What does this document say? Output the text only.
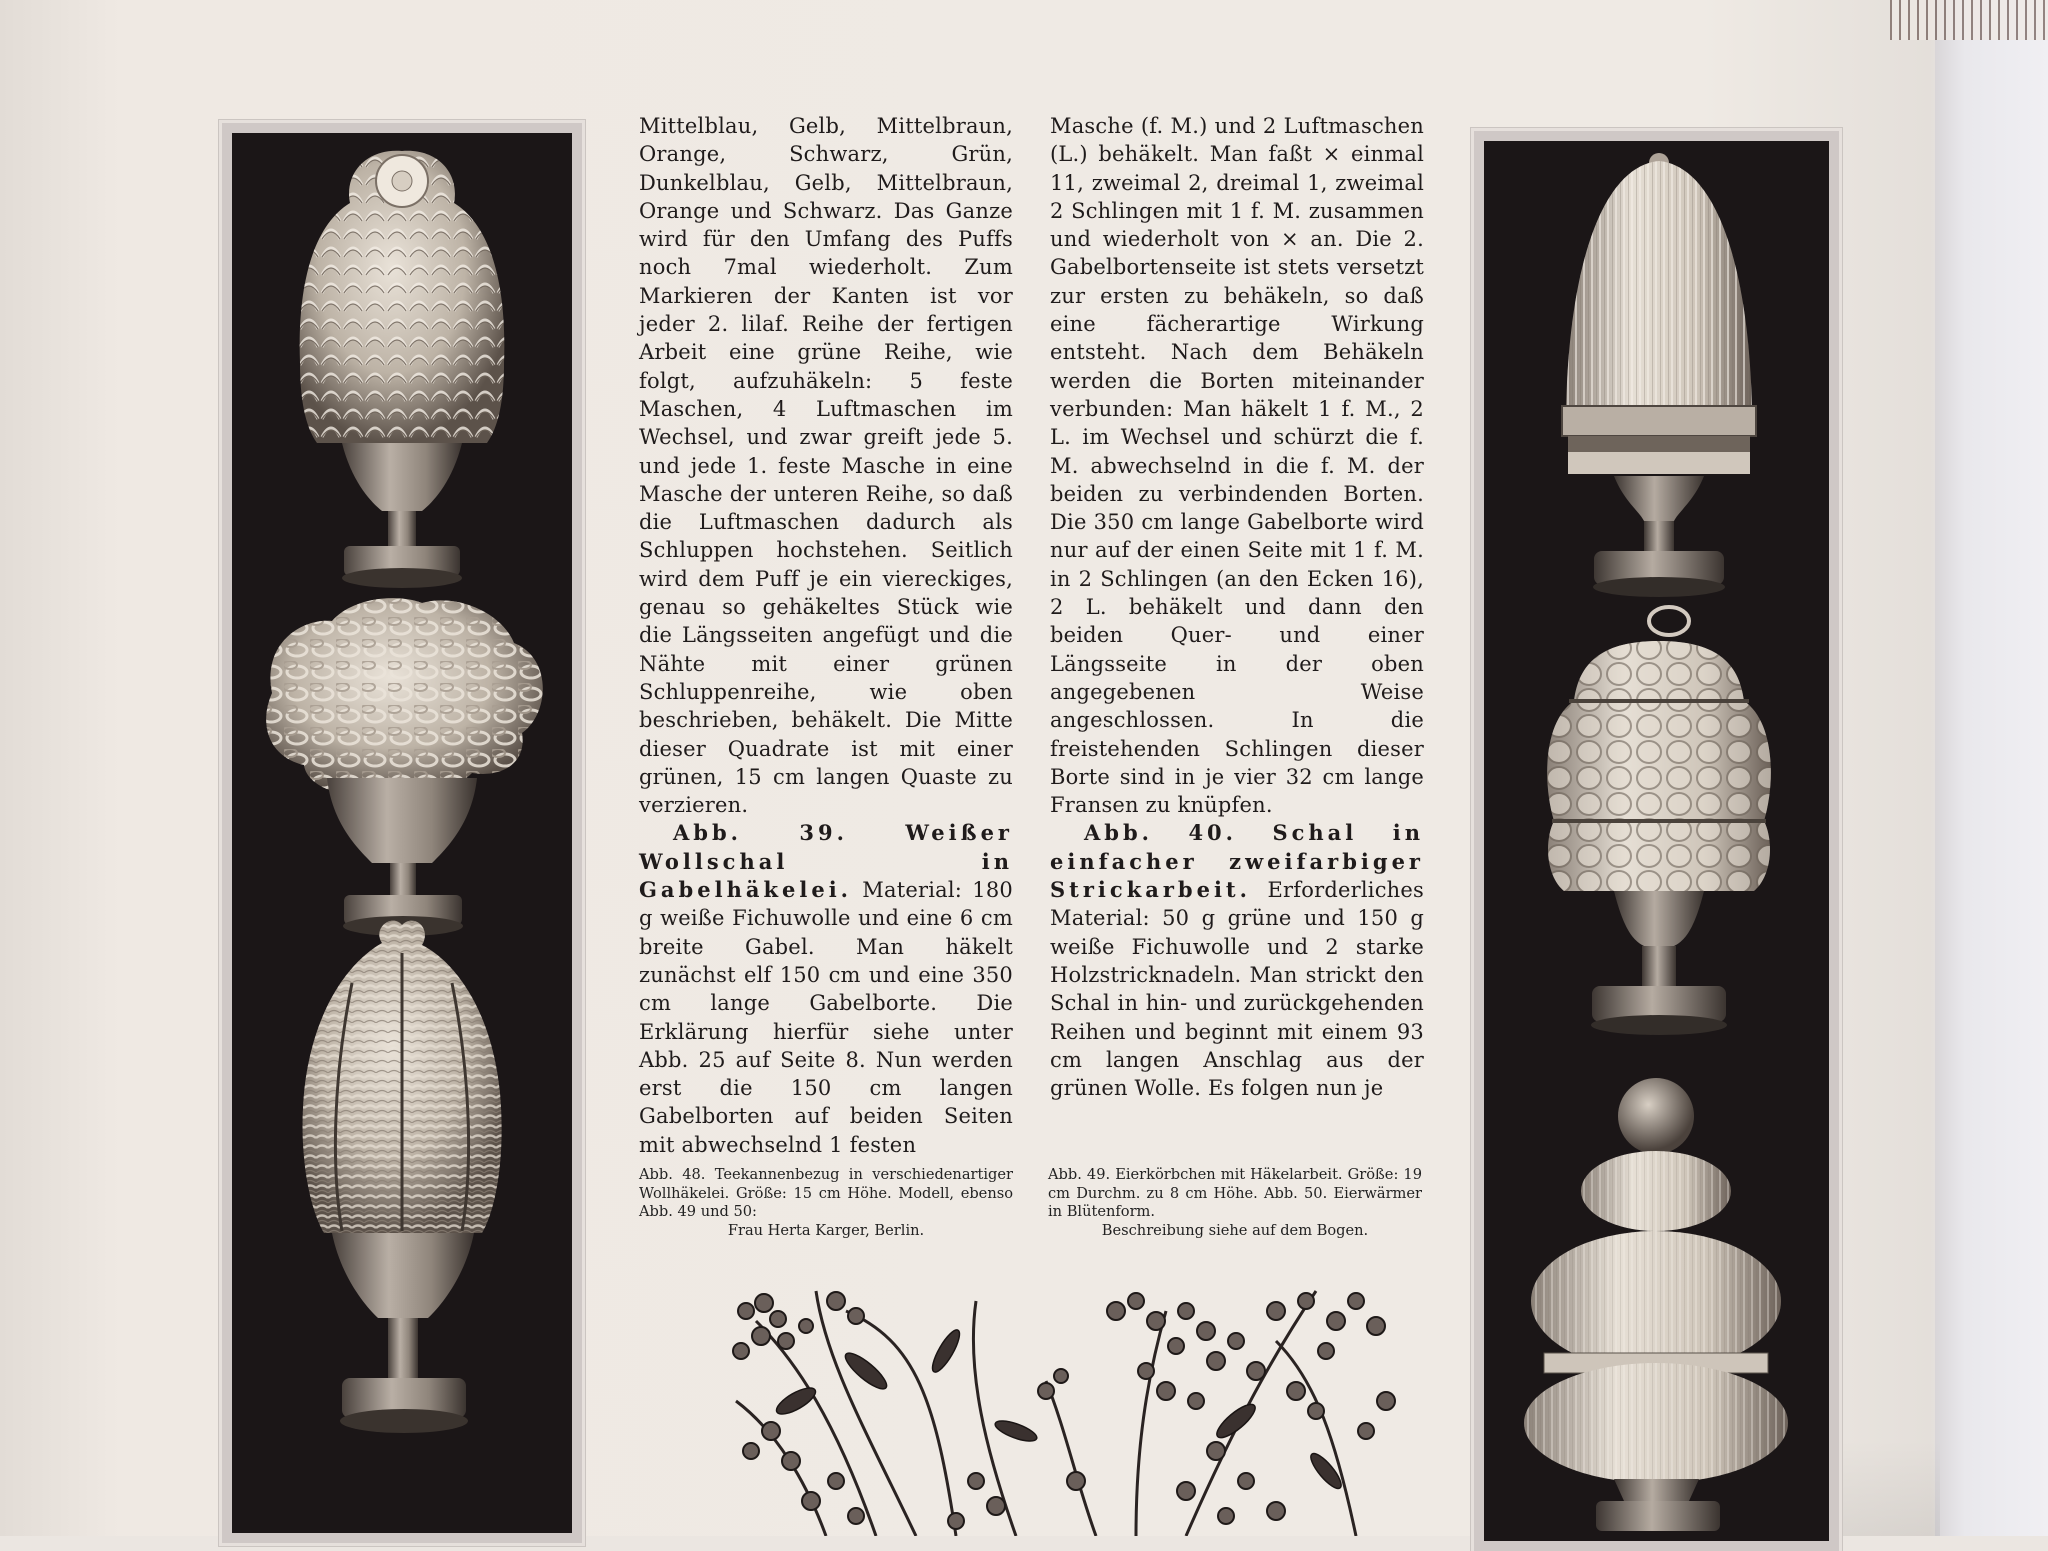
Mittelblau, Gelb, Mittelbraun, Orange, Schwarz, Grün, Dunkelblau, Gelb, Mittelbraun, Orange und Schwarz. Das Ganze wird für den Umfang des Puffs noch 7mal wiederholt. Zum Markieren der Kanten ist vor jeder 2. lilaf. Reihe der fertigen Arbeit eine grüne Reihe, wie folgt, aufzuhäkeln: 5 feste Maschen, 4 Luftmaschen im Wechsel, und zwar greift jede 5. und jede 1. feste Masche in eine Masche der unteren Reihe, so daß die Luftmaschen dadurch als Schluppen hochstehen. Seitlich wird dem Puff je ein viereckiges, genau so gehäkeltes Stück wie die Längsseiten angefügt und die Nähte mit einer grünen Schluppenreihe, wie oben beschrieben, behäkelt. Die Mitte dieser Quadrate ist mit einer grünen, 15 cm langen Quaste zu verzieren.

Abb. 39. Weißer Wollschal in Gabelhäkelei. Material: 180 g weiße Fichuwolle und eine 6 cm breite Gabel. Man häkelt zunächst elf 150 cm und eine 350 cm lange Gabelborte. Die Erklärung hierfür siehe unter Abb. 25 auf Seite 8. Nun werden erst die 150 cm langen Gabelborten auf beiden Seiten mit abwechselnd 1 festen

Masche (f. M.) und 2 Luftmaschen (L.) behäkelt. Man faßt × einmal 11, zweimal 2, dreimal 1, zweimal 2 Schlingen mit 1 f. M. zusammen und wiederholt von × an. Die 2. Gabelbortenseite ist stets versetzt zur ersten zu behäkeln, so daß eine fächerartige Wirkung entsteht. Nach dem Behäkeln werden die Borten miteinander verbunden: Man häkelt 1 f. M., 2 L. im Wechsel und schürzt die f. M. abwechselnd in die f. M. der beiden zu verbindenden Borten. Die 350 cm lange Gabelborte wird nur auf der einen Seite mit 1 f. M. in 2 Schlingen (an den Ecken 16), 2 L. behäkelt und dann den beiden Quer- und einer Längsseite in der oben angegebenen Weise angeschlossen. In die freistehenden Schlingen dieser Borte sind in je vier 32 cm lange Fransen zu knüpfen.

Abb. 40. Schal in einfacher zweifarbiger Strickarbeit. Erforderliches Material: 50 g grüne und 150 g weiße Fichuwolle und 2 starke Holzstricknadeln. Man strickt den Schal in hin- und zurückgehenden Reihen und beginnt mit einem 93 cm langen Anschlag aus der grünen Wolle. Es folgen nun je

Abb. 48. Teekannenbezug in verschiedenartiger Wollhäkelei. Größe: 15 cm Höhe. Modell, ebenso Abb. 49 und 50:
Frau Herta Karger, Berlin.
Abb. 49. Eierkörbchen mit Häkelarbeit. Größe: 19 cm Durchm. zu 8 cm Höhe. Abb. 50. Eierwärmer in Blütenform.
Beschreibung siehe auf dem Bogen.
